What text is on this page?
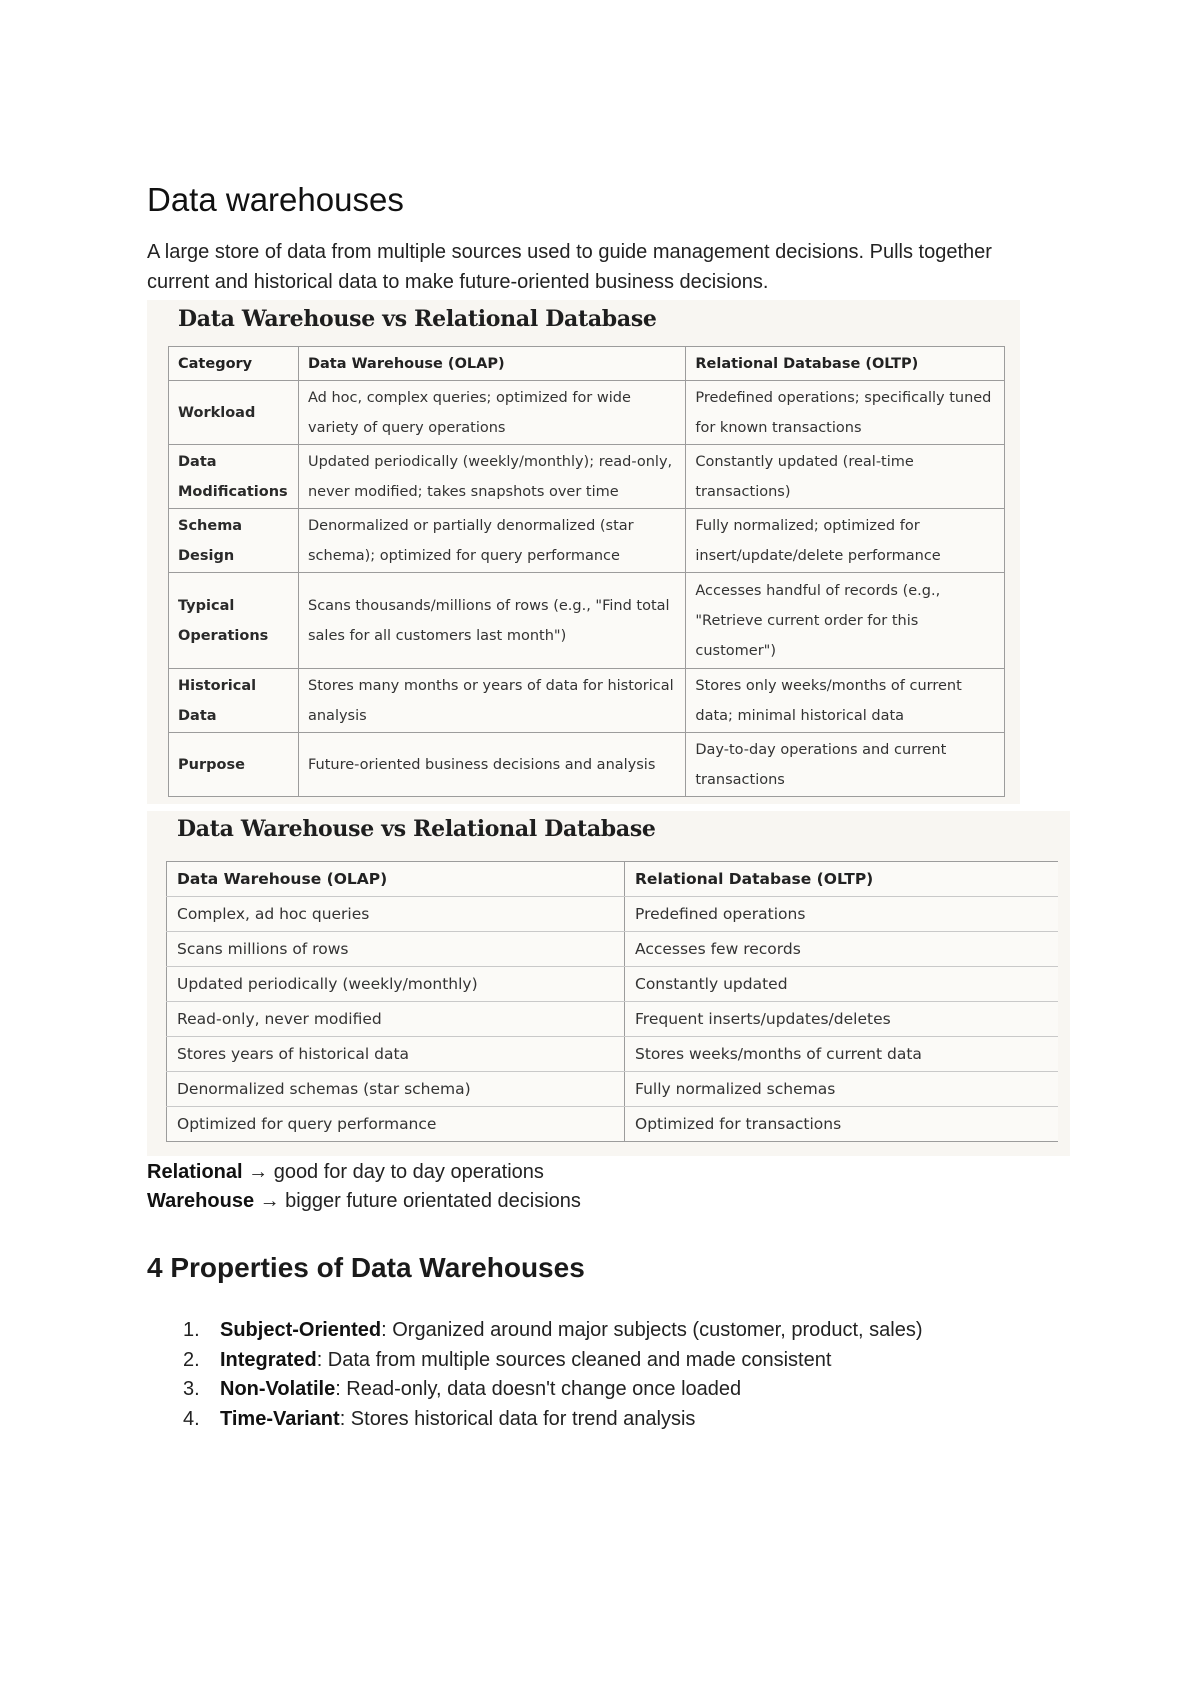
Data warehouses

A large store of data from multiple sources used to guide management decisions. Pulls together current and historical data to make future-oriented business decisions.

Data Warehouse vs Relational Database
Category	Data Warehouse (OLAP)	Relational Database (OLTP)
Workload	Ad hoc, complex queries; optimized for wide variety of query operations	Predefined operations; specifically tuned for known transactions
Data Modifications	Updated periodically (weekly/monthly); read-only, never modified; takes snapshots over time	Constantly updated (real-time transactions)
Schema Design	Denormalized or partially denormalized (star schema); optimized for query performance	Fully normalized; optimized for insert/update/delete performance
Typical Operations	Scans thousands/millions of rows (e.g., "Find total sales for all customers last month")	Accesses handful of records (e.g., "Retrieve current order for this customer")
Historical Data	Stores many months or years of data for historical analysis	Stores only weeks/months of current data; minimal historical data
Purpose	Future-oriented business decisions and analysis	Day-to-day operations and current transactions
Data Warehouse vs Relational Database
Data Warehouse (OLAP)	Relational Database (OLTP)
Complex, ad hoc queries	Predefined operations
Scans millions of rows	Accesses few records
Updated periodically (weekly/monthly)	Constantly updated
Read-only, never modified	Frequent inserts/updates/deletes
Stores years of historical data	Stores weeks/months of current data
Denormalized schemas (star schema)	Fully normalized schemas
Optimized for query performance	Optimized for transactions
Relational → good for day to day operations
Warehouse → bigger future orientated decisions
4 Properties of Data Warehouses
1. Subject-Oriented: Organized around major subjects (customer, product, sales)
2. Integrated: Data from multiple sources cleaned and made consistent
3. Non-Volatile: Read-only, data doesn't change once loaded
4. Time-Variant: Stores historical data for trend analysis
